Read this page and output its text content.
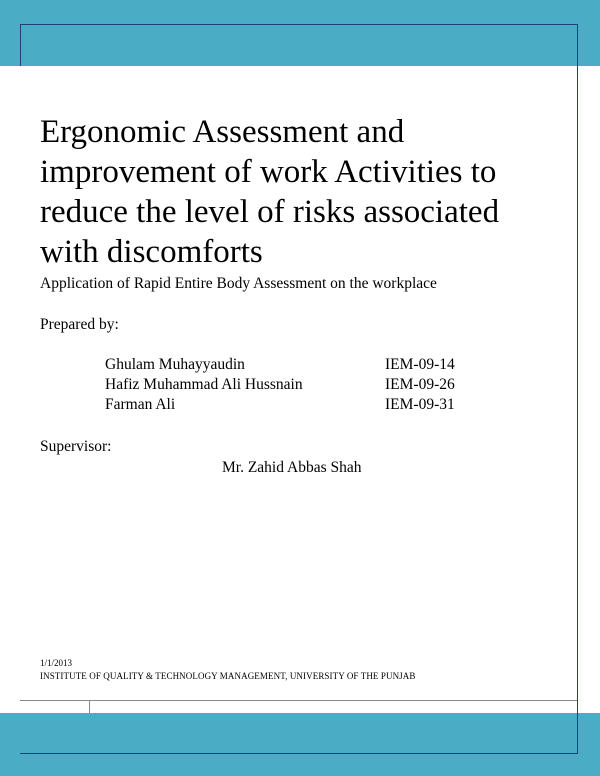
Ergonomic Assessment and improvement of work Activities to reduce the level of risks associated with discomforts

Application of Rapid Entire Body Assessment on the workplace

Prepared by:

Ghulam Muhayyaudin	IEM-09-14
Hafiz Muhammad Ali Hussnain	IEM-09-26
Farman Ali	IEM-09-31

Supervisor:

Mr. Zahid Abbas Shah

1/1/2013

INSTITUTE OF QUALITY & TECHNOLOGY MANAGEMENT, UNIVERSITY OF THE PUNJAB
